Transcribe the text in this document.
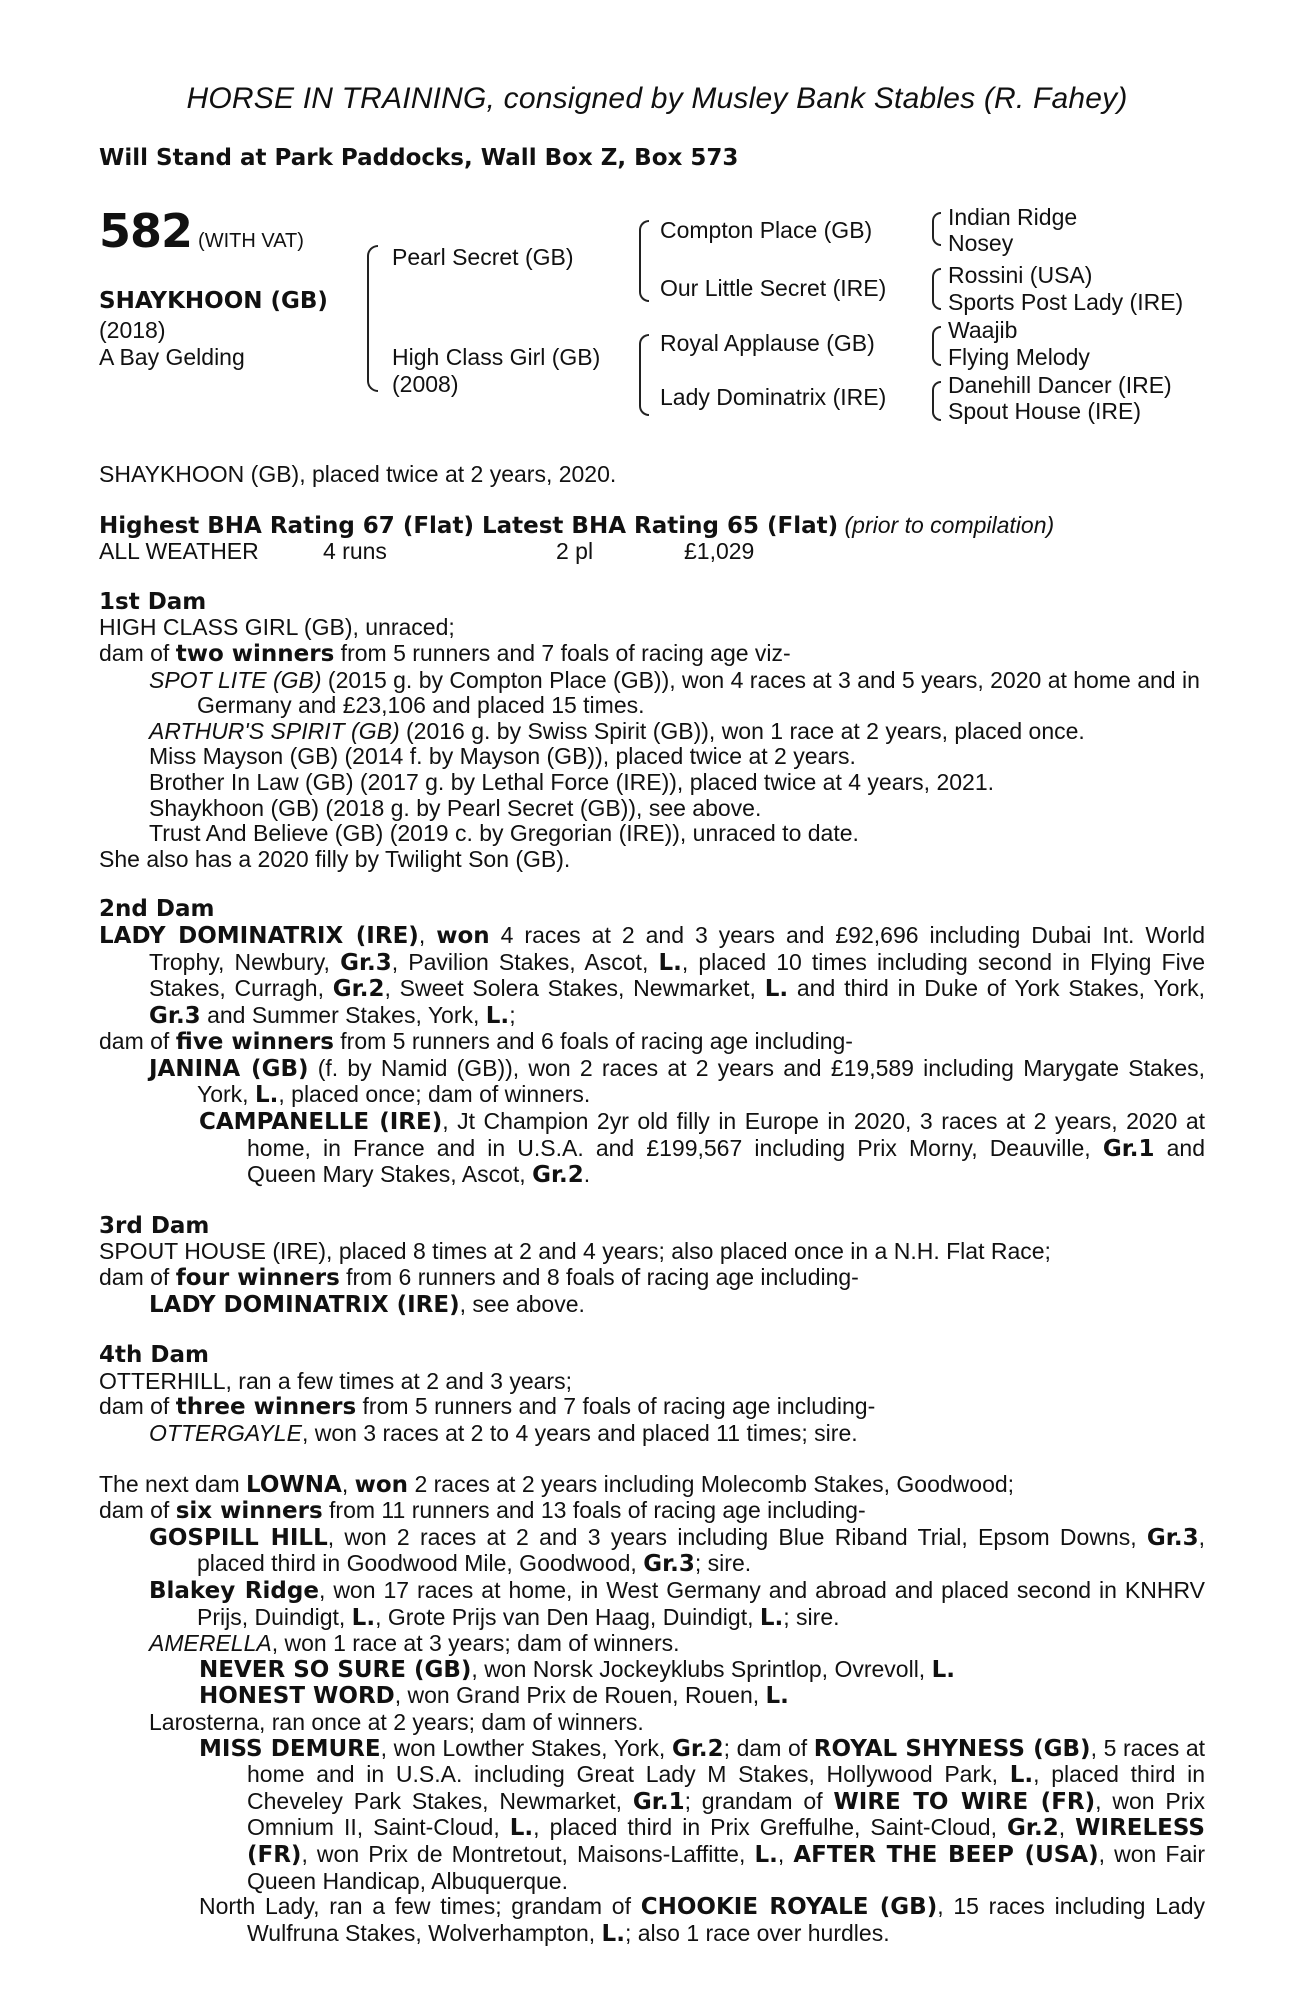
HORSE IN TRAINING, consigned by Musley Bank Stables (R. Fahey)
Will Stand at Park Paddocks, Wall Box Z, Box 573
582 (WITH VAT)
SHAYKHOON (GB)
(2018)
A Bay Gelding
Pearl Secret (GB)
High Class Girl (GB)
(2008)
Compton Place (GB)
Our Little Secret (IRE)
Royal Applause (GB)
Lady Dominatrix (IRE)
Indian Ridge
Nosey
Rossini (USA)
Sports Post Lady (IRE)
Waajib
Flying Melody
Danehill Dancer (IRE)
Spout House (IRE)

SHAYKHOON (GB), placed twice at 2 years, 2020.

Highest BHA Rating 67 (Flat) Latest BHA Rating 65 (Flat) (prior to compilation)

ALL WEATHER	4 runs	2 pl	£1,029

1st Dam

HIGH CLASS GIRL (GB), unraced;

dam of two winners from 5 runners and 7 foals of racing age viz-

SPOT LITE (GB) (2015 g. by Compton Place (GB)), won 4 races at 3 and 5 years, 2020 at home and in Germany and £23,106 and placed 15 times.

ARTHUR'S SPIRIT (GB) (2016 g. by Swiss Spirit (GB)), won 1 race at 2 years, placed once.

Miss Mayson (GB) (2014 f. by Mayson (GB)), placed twice at 2 years.

Brother In Law (GB) (2017 g. by Lethal Force (IRE)), placed twice at 4 years, 2021.

Shaykhoon (GB) (2018 g. by Pearl Secret (GB)), see above.

Trust And Believe (GB) (2019 c. by Gregorian (IRE)), unraced to date.

She also has a 2020 filly by Twilight Son (GB).

2nd Dam

LADY DOMINATRIX (IRE), won 4 races at 2 and 3 years and £92,696 including Dubai Int. World Trophy, Newbury, Gr.3, Pavilion Stakes, Ascot, L., placed 10 times including second in Flying Five Stakes, Curragh, Gr.2, Sweet Solera Stakes, Newmarket, L. and third in Duke of York Stakes, York, Gr.3 and Summer Stakes, York, L.;

dam of five winners from 5 runners and 6 foals of racing age including-

JANINA (GB) (f. by Namid (GB)), won 2 races at 2 years and £19,589 including Marygate Stakes, York, L., placed once; dam of winners.

CAMPANELLE (IRE), Jt Champion 2yr old filly in Europe in 2020, 3 races at 2 years, 2020 at home, in France and in U.S.A. and £199,567 including Prix Morny, Deauville, Gr.1 and Queen Mary Stakes, Ascot, Gr.2.

3rd Dam

SPOUT HOUSE (IRE), placed 8 times at 2 and 4 years; also placed once in a N.H. Flat Race;

dam of four winners from 6 runners and 8 foals of racing age including-

LADY DOMINATRIX (IRE), see above.

4th Dam

OTTERHILL, ran a few times at 2 and 3 years;

dam of three winners from 5 runners and 7 foals of racing age including-

OTTERGAYLE, won 3 races at 2 to 4 years and placed 11 times; sire.

The next dam LOWNA, won 2 races at 2 years including Molecomb Stakes, Goodwood;

dam of six winners from 11 runners and 13 foals of racing age including-

GOSPILL HILL, won 2 races at 2 and 3 years including Blue Riband Trial, Epsom Downs, Gr.3, placed third in Goodwood Mile, Goodwood, Gr.3; sire.

Blakey Ridge, won 17 races at home, in West Germany and abroad and placed second in KNHRV Prijs, Duindigt, L., Grote Prijs van Den Haag, Duindigt, L.; sire.

AMERELLA, won 1 race at 3 years; dam of winners.

NEVER SO SURE (GB), won Norsk Jockeyklubs Sprintlop, Ovrevoll, L.

HONEST WORD, won Grand Prix de Rouen, Rouen, L.

Larosterna, ran once at 2 years; dam of winners.

MISS DEMURE, won Lowther Stakes, York, Gr.2; dam of ROYAL SHYNESS (GB), 5 races at home and in U.S.A. including Great Lady M Stakes, Hollywood Park, L., placed third in Cheveley Park Stakes, Newmarket, Gr.1; grandam of WIRE TO WIRE (FR), won Prix Omnium II, Saint-Cloud, L., placed third in Prix Greffulhe, Saint-Cloud, Gr.2, WIRELESS (FR), won Prix de Montretout, Maisons-Laffitte, L., AFTER THE BEEP (USA), won Fair Queen Handicap, Albuquerque.

North Lady, ran a few times; grandam of CHOOKIE ROYALE (GB), 15 races including Lady Wulfruna Stakes, Wolverhampton, L.; also 1 race over hurdles.
